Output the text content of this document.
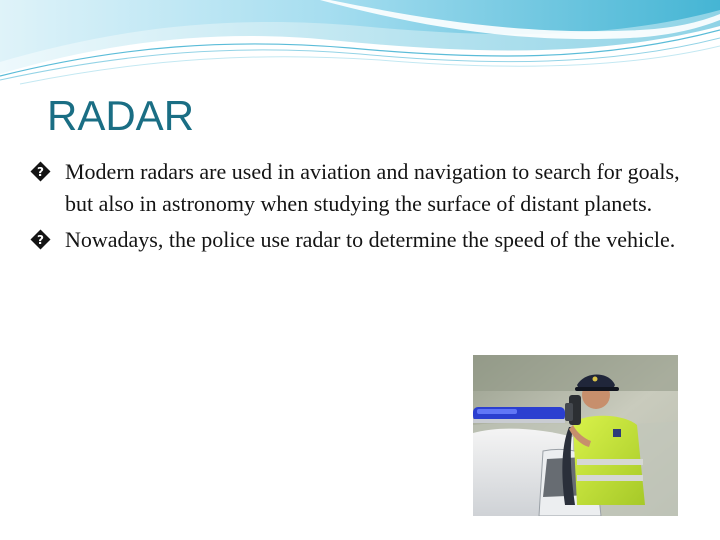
RADAR
? Modern radars are used in aviation and navigation to search for goals, but also in astronomy when studying the surface of distant planets.
? Nowadays, the police use radar to determine the speed of the vehicle.
